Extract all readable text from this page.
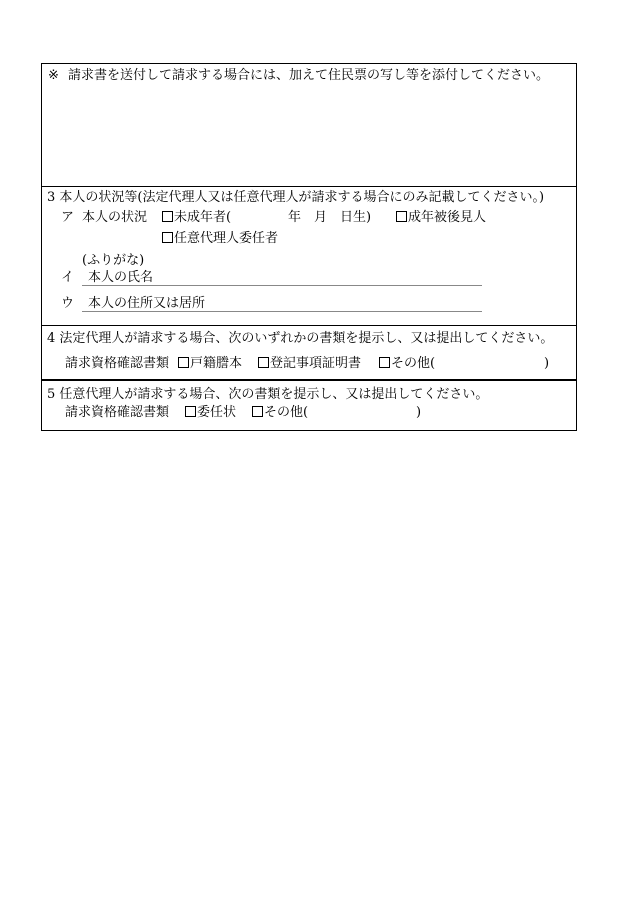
※ 請求書を送付して請求する場合には、加えて住民票の写し等を添付してください。
3 本人の状況等(法定代理人又は任意代理人が請求する場合にのみ記載してください。)
ア 本人の状況	未成年者(	年 月 日生)	成年被後見人
任意代理人委任者
(ふりがな)
イ 本人の氏名
ウ 本人の住所又は居所
4 法定代理人が請求する場合、次のいずれかの書類を提示し、又は提出してください。
請求資格確認書類	戸籍謄本	登記事項証明書	その他(	)
5 任意代理人が請求する場合、次の書類を提示し、又は提出してください。
請求資格確認書類	委任状	その他(	)
